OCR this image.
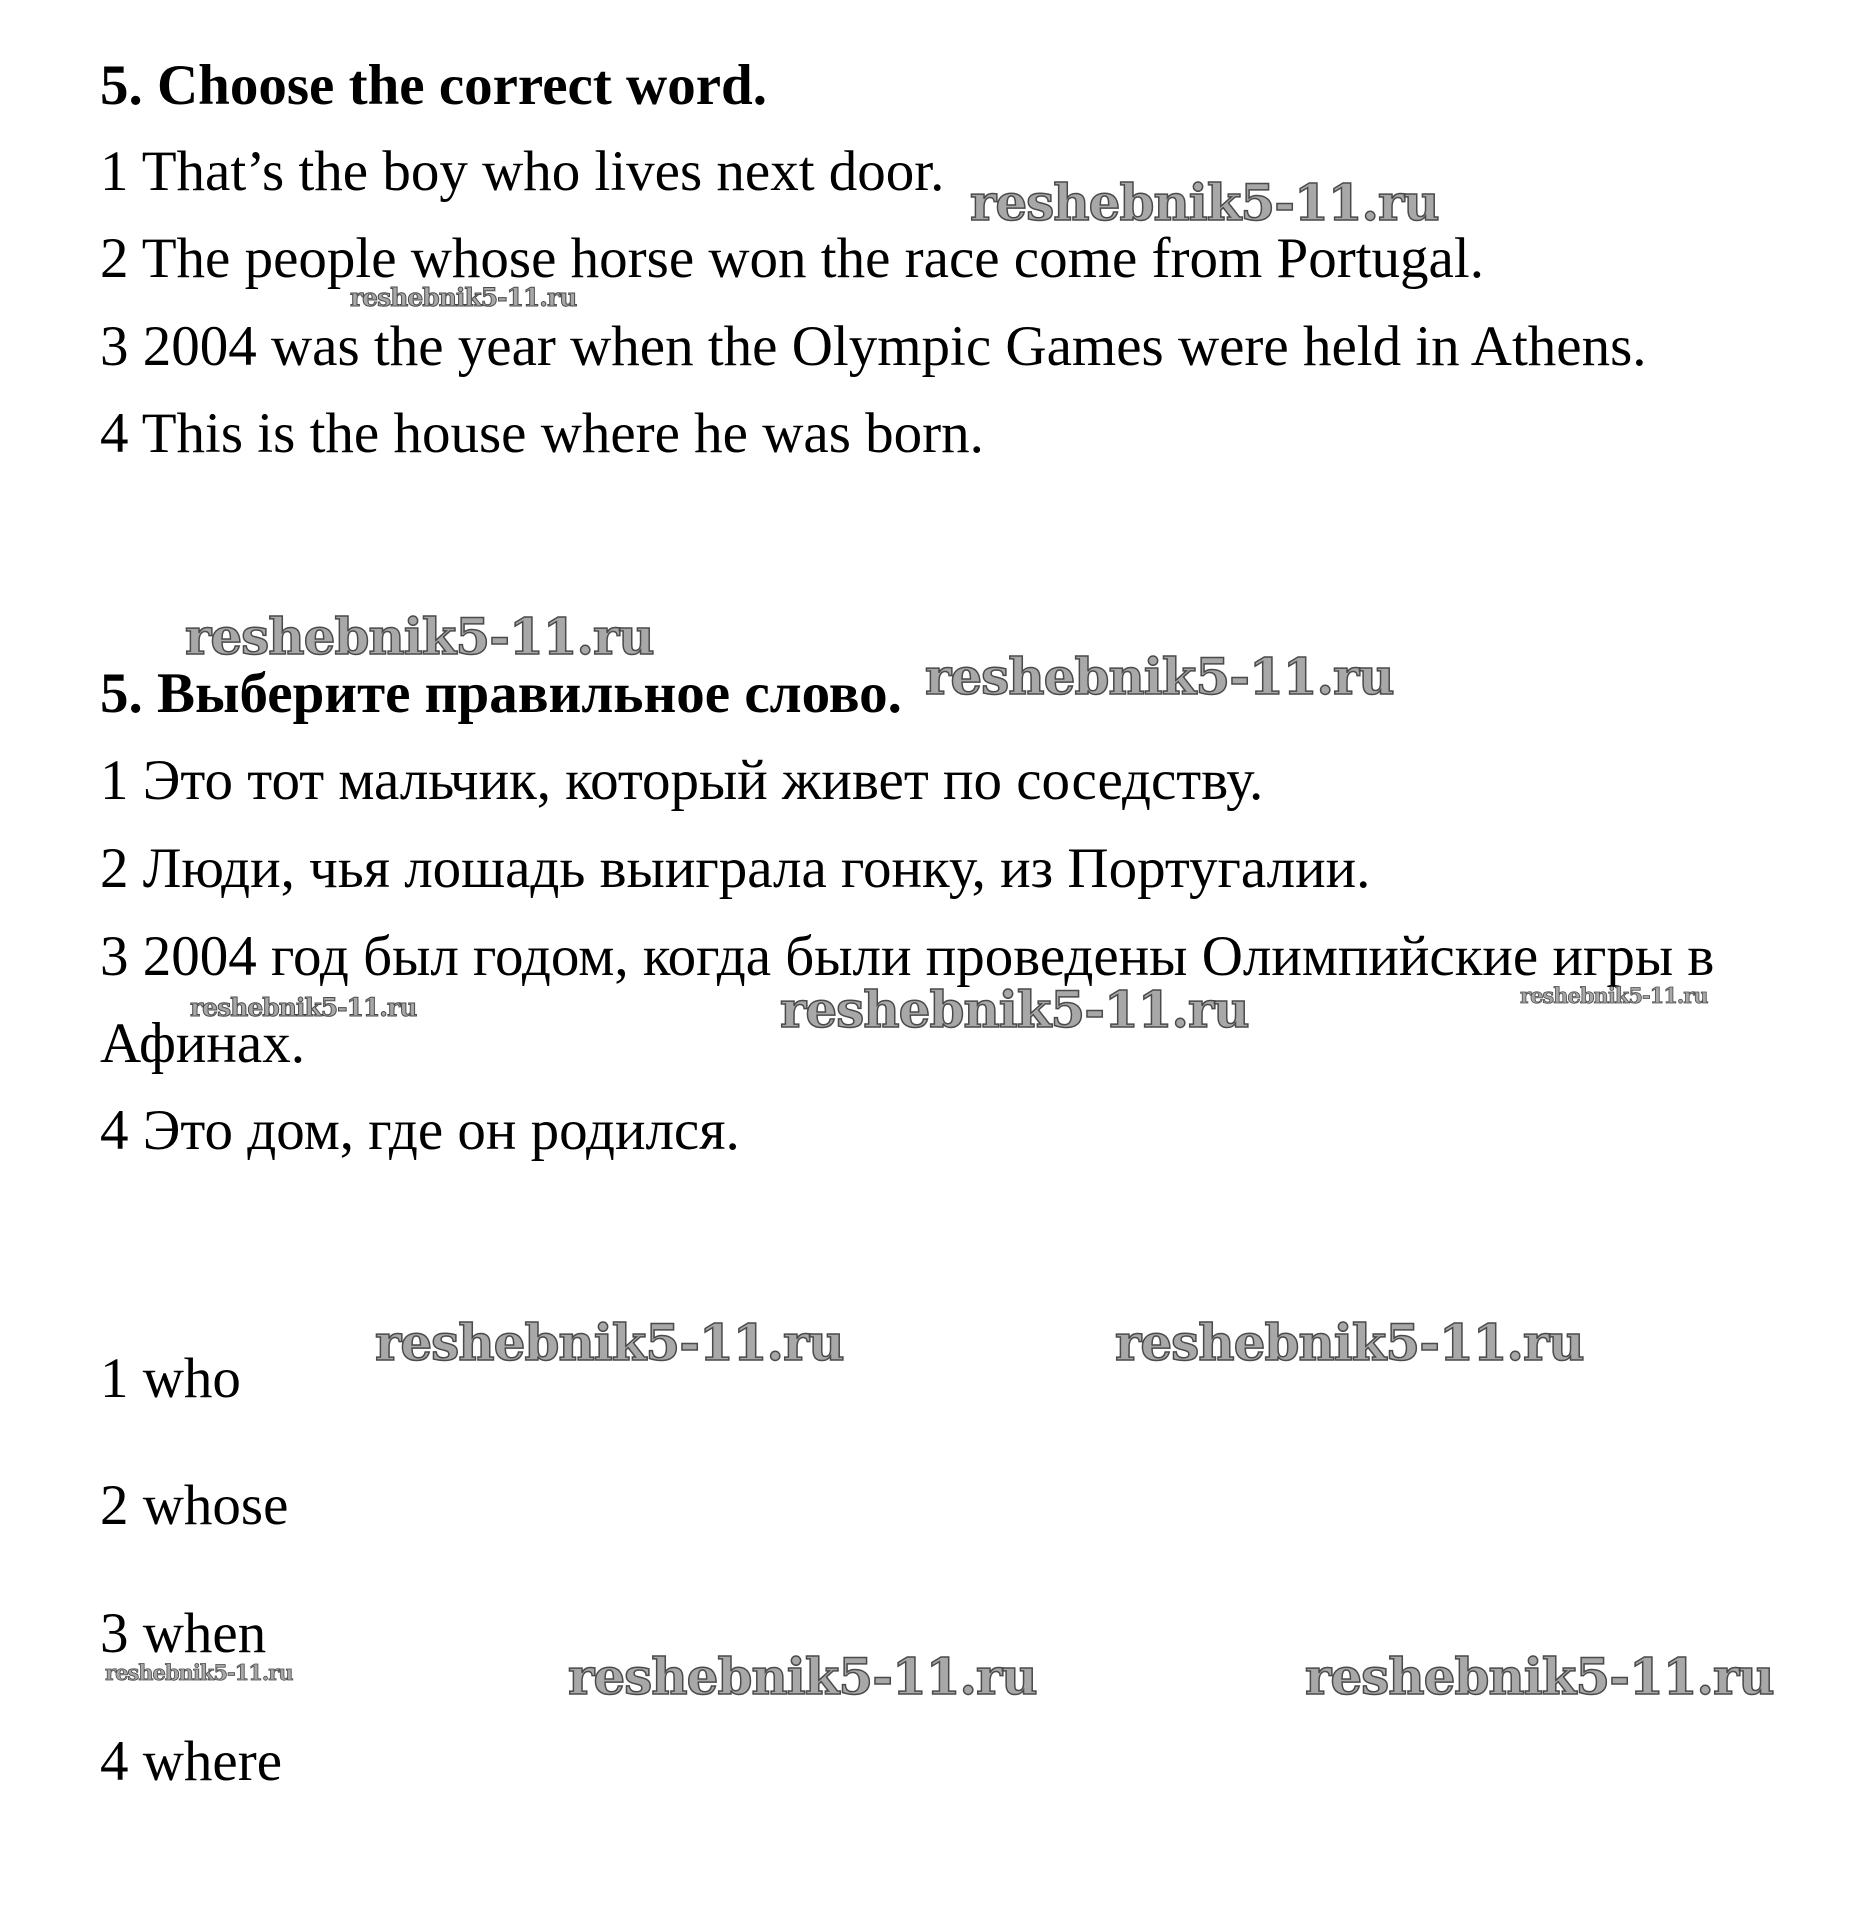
5. Choose the correct word.
1 That’s the boy who lives next door.
2 The people whose horse won the race come from Portugal.
3 2004 was the year when the Olympic Games were held in Athens.
4 This is the house where he was born.
5. Выберите правильное слово.
1 Это тот мальчик, который живет по соседству.
2 Люди, чья лошадь выиграла гонку, из Португалии.
3 2004 год был годом, когда были проведены Олимпийские игры в
Афинах.
4 Это дом, где он родился.
1 who
2 whose
3 when
4 where
reshebnik5-11.ru
reshebnik5-11.ru
reshebnik5-11.ru
reshebnik5-11.ru
reshebnik5-11.ru	reshebnik5-11.ru	reshebnik5-11.ru
reshebnik5-11.ru	reshebnik5-11.ru
reshebnik5-11.ru	reshebnik5-11.ru	reshebnik5-11.ru
